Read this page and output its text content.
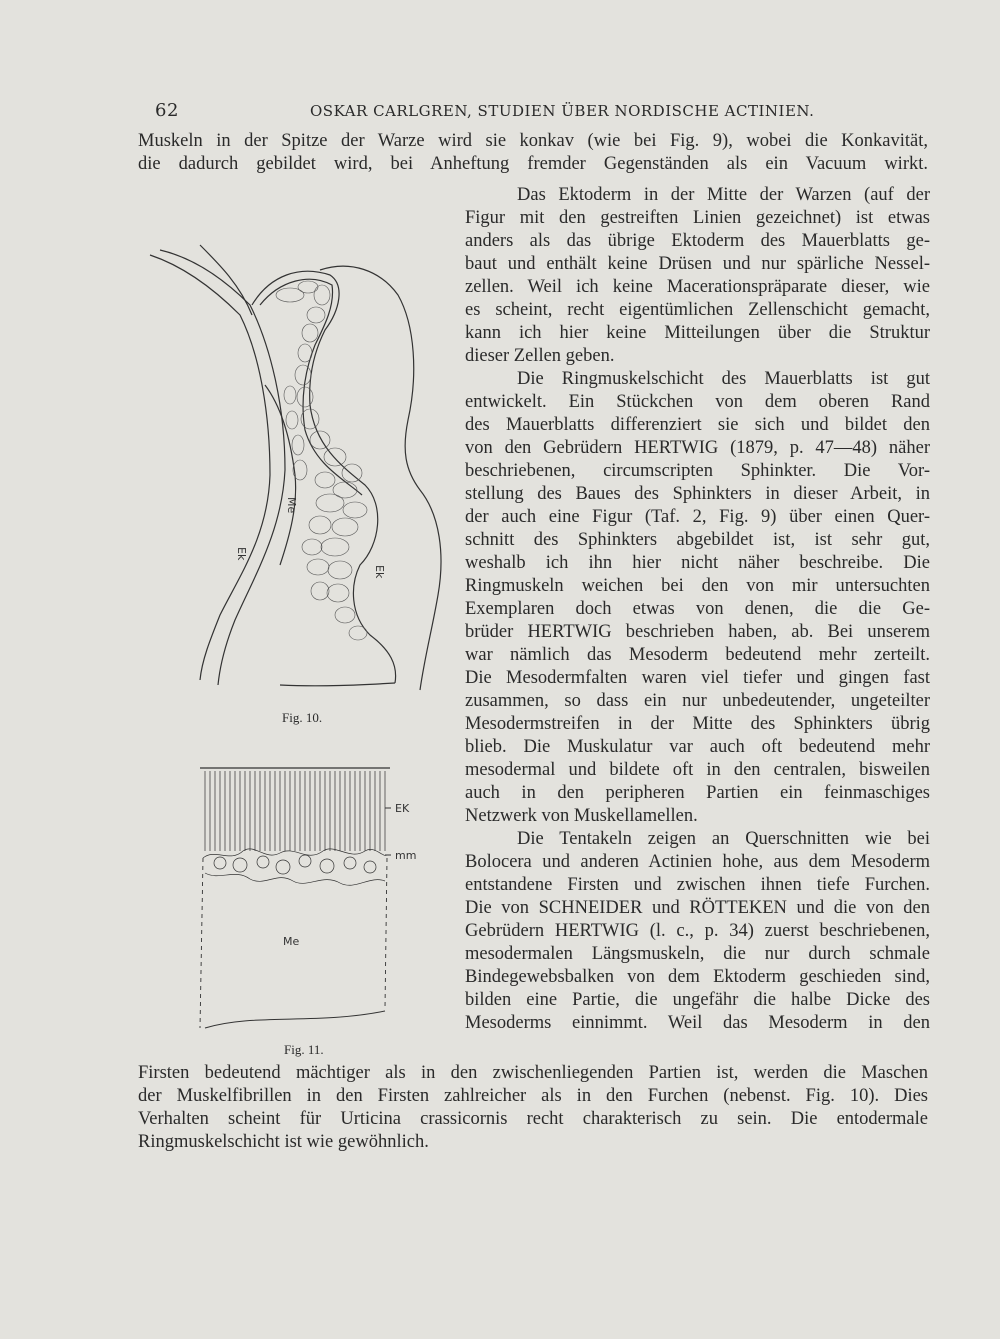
62	OSKAR CARLGREN, STUDIEN ÜBER NORDISCHE ACTINIEN.
Muskeln in der Spitze der Warze wird sie konkav (wie bei Fig. 9), wobei die Konkavität,
die dadurch gebildet wird, bei Anheftung fremder Gegenständen als ein Vacuum wirkt.
Das Ektoderm in der Mitte der Warzen (auf der
Figur mit den gestreiften Linien gezeichnet) ist etwas
anders als das übrige Ektoderm des Mauerblatts ge-
baut und enthält keine Drüsen und nur spärliche Nessel-
zellen. Weil ich keine Macerationspräparate dieser, wie
es scheint, recht eigentümlichen Zellenschicht gemacht,
kann ich hier keine Mitteilungen über die Struktur
dieser Zellen geben.
Die Ringmuskelschicht des Mauerblatts ist gut
entwickelt. Ein Stückchen von dem oberen Rand
des Mauerblatts differenziert sie sich und bildet den
von den Gebrüdern HERTWIG (1879, p. 47—48) näher
beschriebenen, circumscripten Sphinkter. Die Vor-
stellung des Baues des Sphinkters in dieser Arbeit, in
der auch eine Figur (Taf. 2, Fig. 9) über einen Quer-
schnitt des Sphinkters abgebildet ist, ist sehr gut,
weshalb ich ihn hier nicht näher beschreibe. Die
Ringmuskeln weichen bei den von mir untersuchten
Exemplaren doch etwas von denen, die die Ge-
brüder HERTWIG beschrieben haben, ab. Bei unserem
war nämlich das Mesoderm bedeutend mehr zerteilt.
Die Mesodermfalten waren viel tiefer und gingen fast
zusammen, so dass ein nur unbedeutender, ungeteilter
Mesodermstreifen in der Mitte des Sphinkters übrig
blieb. Die Muskulatur var auch oft bedeutend mehr
mesodermal und bildete oft in den centralen, bisweilen
auch in den peripheren Partien ein feinmaschiges
Netzwerk von Muskellamellen.
Die Tentakeln zeigen an Querschnitten wie bei
Bolocera und anderen Actinien hohe, aus dem Mesoderm
entstandene Firsten und zwischen ihnen tiefe Furchen.
Die von SCHNEIDER und RÖTTEKEN und die von den
Gebrüdern HERTWIG (l. c., p. 34) zuerst beschriebenen,
mesodermalen Längsmuskeln, die nur durch schmale
Bindegewebsbalken von dem Ektoderm geschieden sind,
bilden eine Partie, die ungefähr die halbe Dicke des
Mesoderms einnimmt. Weil das Mesoderm in den
Firsten bedeutend mächtiger als in den zwischenliegenden Partien ist, werden die Maschen
der Muskelfibrillen in den Firsten zahlreicher als in den Furchen (nebenst. Fig. 10). Dies
Verhalten scheint für Urticina crassicornis recht charakterisch zu sein. Die entodermale
Ringmuskelschicht ist wie gewöhnlich.
Me
Ek
Ek
Fig. 10.
EK
mm
Me
Fig. 11.
